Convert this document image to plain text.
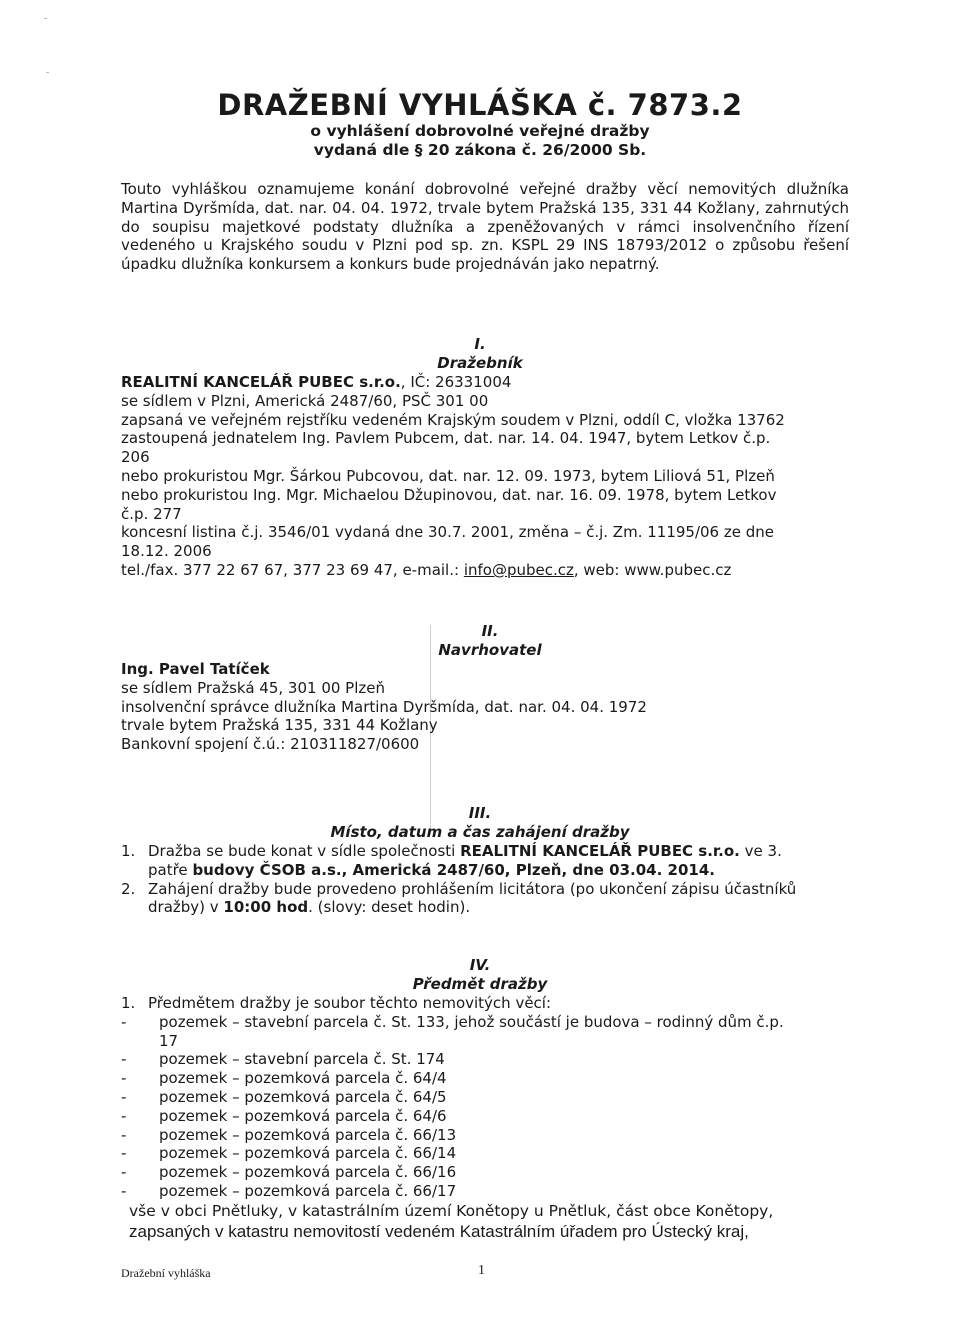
DRAŽEBNÍ VYHLÁŠKA č. 7873.2
o vyhlášení dobrovolné veřejné dražby
vydaná dle § 20 zákona č. 26/2000 Sb.
Touto vyhláškou oznamujeme konání dobrovolné veřejné dražby věcí nemovitých dlužníka Martina Dyršmída, dat. nar. 04. 04. 1972, trvale bytem Pražská 135, 331 44 Kožlany, zahrnutých do soupisu majetkové podstaty dlužníka a zpeněžovaných v rámci insolvenčního řízení vedeného u Krajského soudu v Plzni pod sp. zn. KSPL 29 INS 18793/2012 o způsobu řešení úpadku dlužníka konkursem a konkurs bude projednáván jako nepatrný.
I.
Dražebník
REALITNÍ KANCELÁŘ PUBEC s.r.o., IČ: 26331004
se sídlem v Plzni, Americká 2487/60, PSČ 301 00
zapsaná ve veřejném rejstříku vedeném Krajským soudem v Plzni, oddíl C, vložka 13762
zastoupená jednatelem Ing. Pavlem Pubcem, dat. nar. 14. 04. 1947, bytem Letkov č.p.
206
nebo prokuristou Mgr. Šárkou Pubcovou, dat. nar. 12. 09. 1973, bytem Liliová 51, Plzeň
nebo prokuristou Ing. Mgr. Michaelou Džupinovou, dat. nar. 16. 09. 1978, bytem Letkov
č.p. 277
koncesní listina č.j. 3546/01 vydaná dne 30.7. 2001, změna – č.j. Zm. 11195/06 ze dne
18.12. 2006
tel./fax. 377 22 67 67, 377 23 69 47, e-mail.: info@pubec.cz, web: www.pubec.cz
II.
Navrhovatel
Ing. Pavel Tatíček
se sídlem Pražská 45, 301 00 Plzeň
insolvenční správce dlužníka Martina Dyršmída, dat. nar. 04. 04. 1972
trvale bytem Pražská 135, 331 44 Kožlany
Bankovní spojení č.ú.: 210311827/0600
III.
Místo, datum a čas zahájení dražby
1. Dražba se bude konat v sídle společnosti REALITNÍ KANCELÁŘ PUBEC s.r.o. ve 3.
patře budovy ČSOB a.s., Americká 2487/60, Plzeň, dne 03.04. 2014.
2. Zahájení dražby bude provedeno prohlášením licitátora (po ukončení zápisu účastníků
dražby) v 10:00 hod. (slovy: deset hodin).
IV.
Předmět dražby
1. Předmětem dražby je soubor těchto nemovitých věcí:
- pozemek – stavební parcela č. St. 133, jehož součástí je budova – rodinný dům č.p.
17
- pozemek – stavební parcela č. St. 174
- pozemek – pozemková parcela č. 64/4
- pozemek – pozemková parcela č. 64/5
- pozemek – pozemková parcela č. 64/6
- pozemek – pozemková parcela č. 66/13
- pozemek – pozemková parcela č. 66/14
- pozemek – pozemková parcela č. 66/16
- pozemek – pozemková parcela č. 66/17
vše v obci Pnětluky, v katastrálním území Konětopy u Pnětluk, část obce Konětopy,
zapsaných v katastru nemovitostí vedeném Katastrálním úřadem pro Ústecký kraj,
Dražební vyhláška	1
